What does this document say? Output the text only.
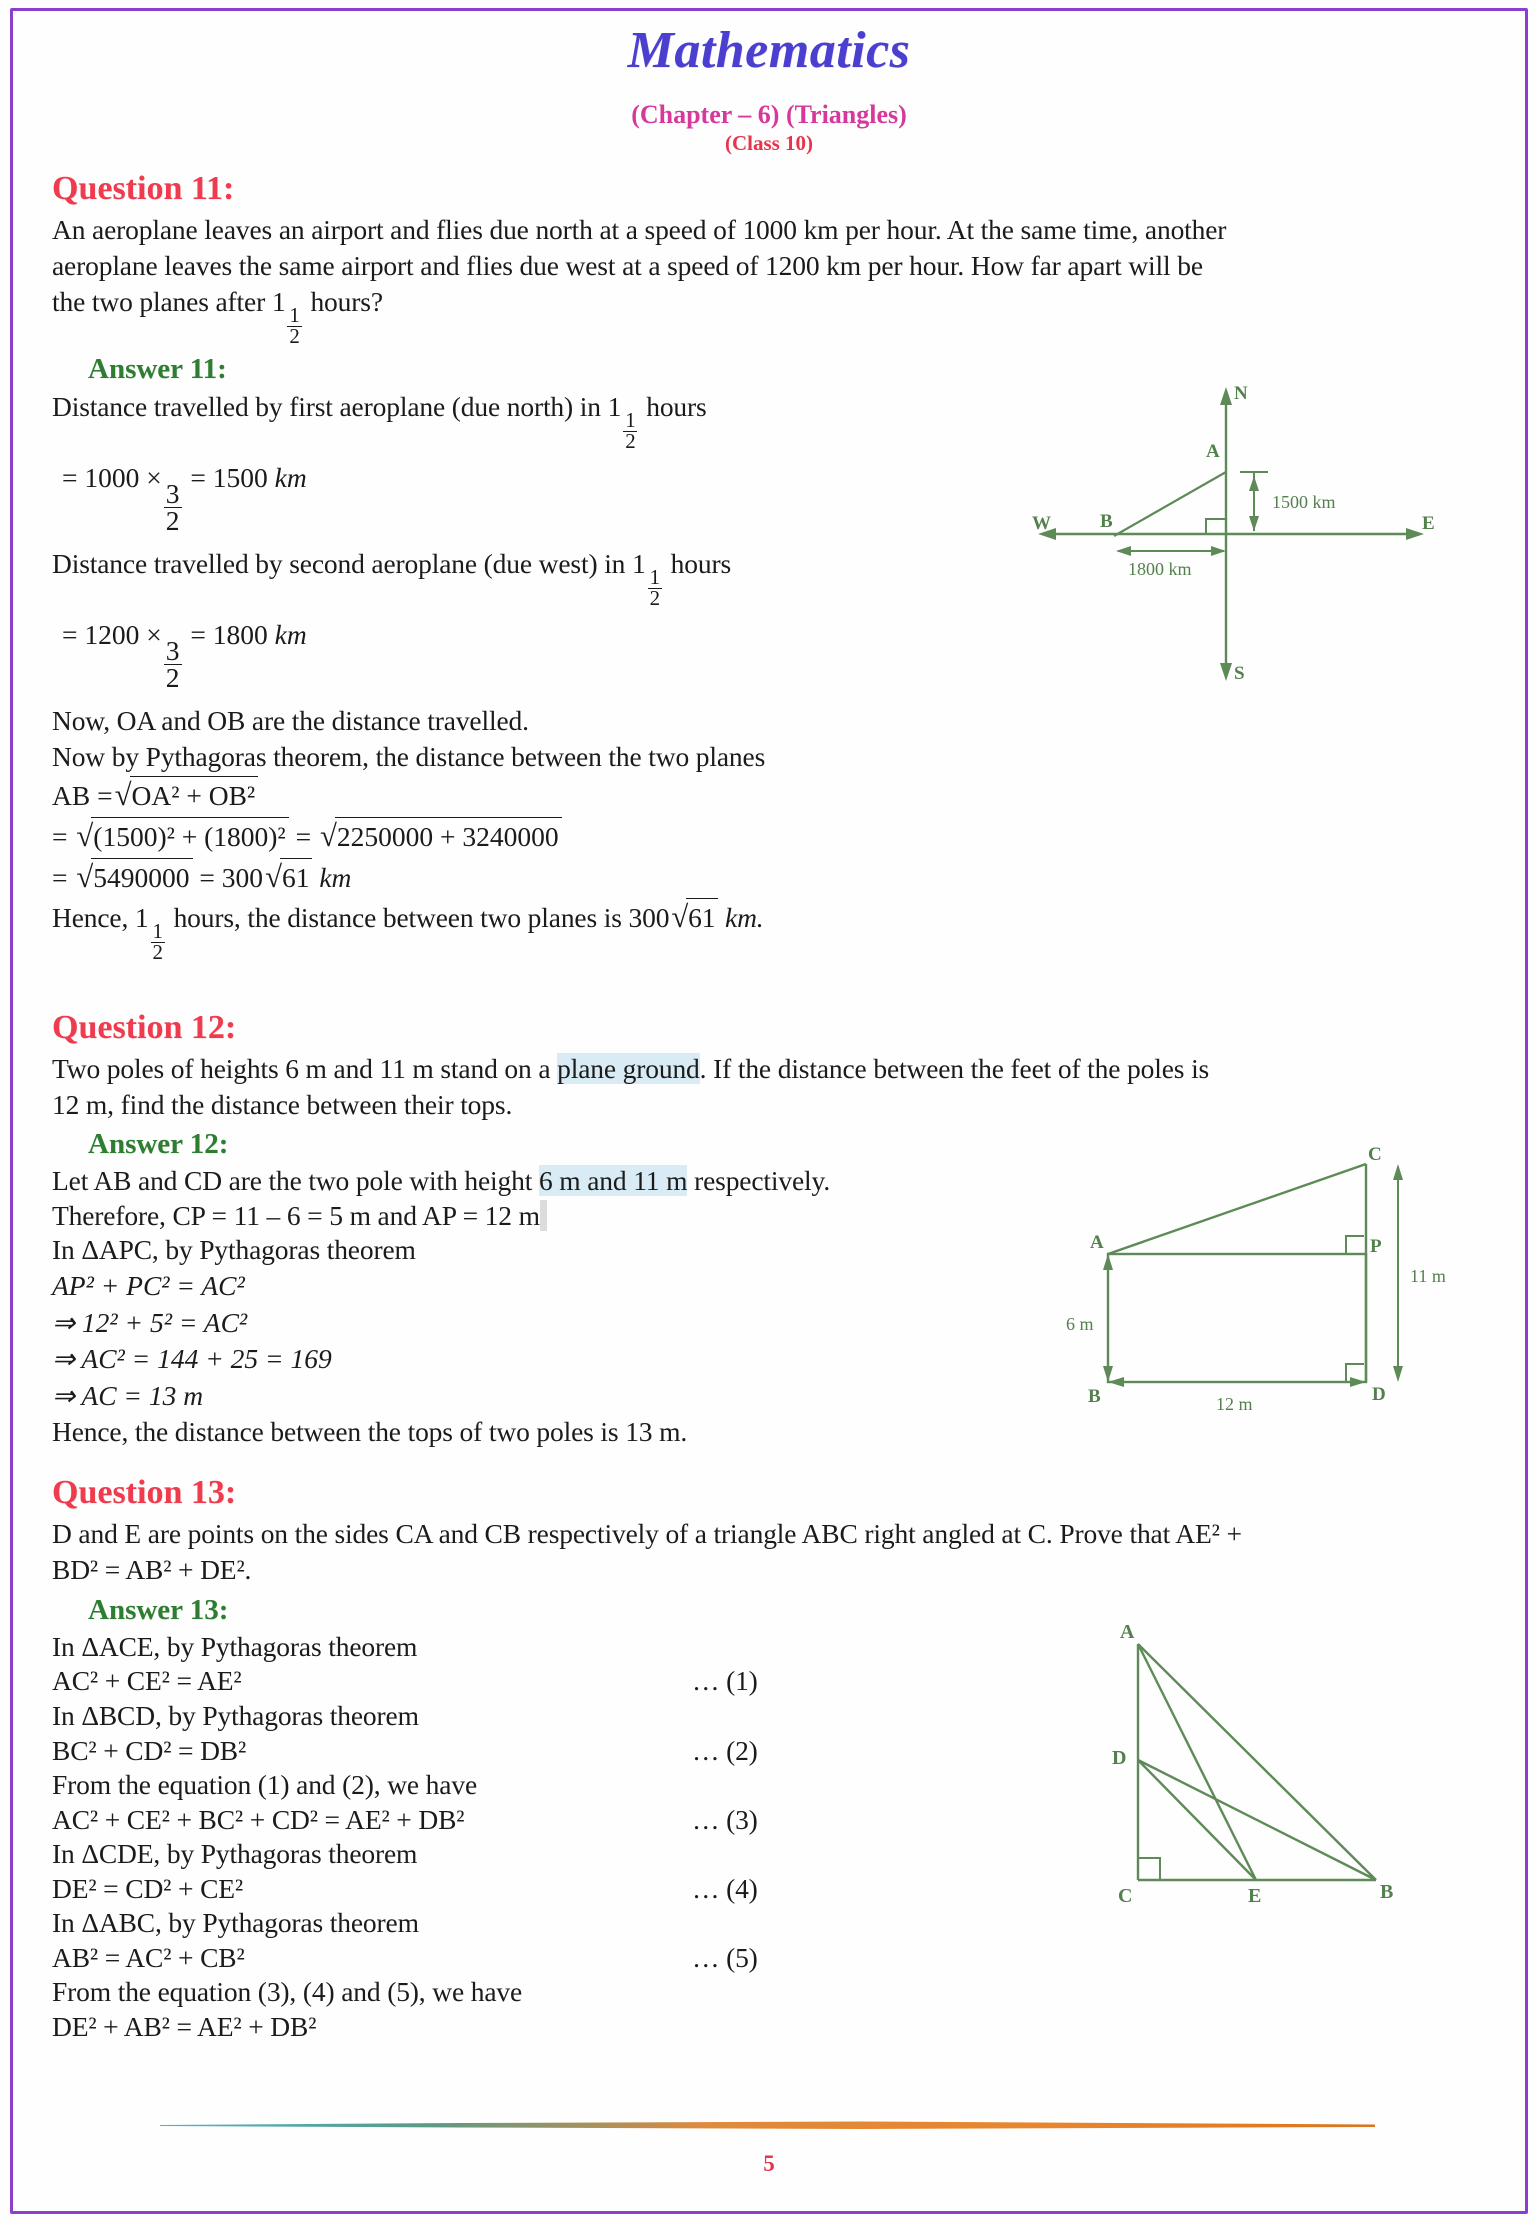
Mathematics
(Chapter – 6) (Triangles)
(Class 10)
Question 11:
An aeroplane leaves an airport and flies due north at a speed of 1000 km per hour. At the same time, another
aeroplane leaves the same airport and flies due west at a speed of 1200 km per hour. How far apart will be
the two planes after 1
$\frac{1}{2}$
hours?
Answer 11:
N
S
E
W
A
B
1500 km
1800 km
Distance travelled by first aeroplane (due north) in 1
$\frac{1}{2}$
hours
= 1000 ×
$\frac{3}{2}$
= 1500 km
Distance travelled by second aeroplane (due west) in 1
$\frac{1}{2}$
hours
= 1200 ×
$\frac{3}{2}$
= 1800 km
Now, OA and OB are the distance travelled.
Now by Pythagoras theorem, the distance between the two planes
AB =√OA² + OB²
= √(1500)² + (1800)² = √2250000 + 3240000
= √5490000 = 300√61 km
Hence, 1
$\frac{1}{2}$
hours, the distance between two planes is 300√61 km.
Question 12:
Two poles of heights 6 m and 11 m stand on a plane ground. If the distance between the feet of the poles is
12 m, find the distance between their tops.
Answer 12:
A
B
C
D
P
6 m
11 m
12 m
Let AB and CD are the two pole with height 6 m and 11 m respectively.
Therefore, CP = 11 – 6 = 5 m and AP = 12 m
In ΔAPC, by Pythagoras theorem
AP² + PC² = AC²
⇒ 12² + 5² = AC²
⇒ AC² = 144 + 25 = 169
⇒ AC = 13 m
Hence, the distance between the tops of two poles is 13 m.
Question 13:
D and E are points on the sides CA and CB respectively of a triangle ABC right angled at C. Prove that AE² +
BD² = AB² + DE².
Answer 13:
A
D
C	E	B
In ΔACE, by Pythagoras theorem
AC² + CE² = AE²	… (1)
In ΔBCD, by Pythagoras theorem
BC² + CD² = DB²	… (2)
From the equation (1) and (2), we have
AC² + CE² + BC² + CD² = AE² + DB²	… (3)
In ΔCDE, by Pythagoras theorem
DE² = CD² + CE²	… (4)
In ΔABC, by Pythagoras theorem
AB² = AC² + CB²	… (5)
From the equation (3), (4) and (5), we have
DE² + AB² = AE² + DB²
5
